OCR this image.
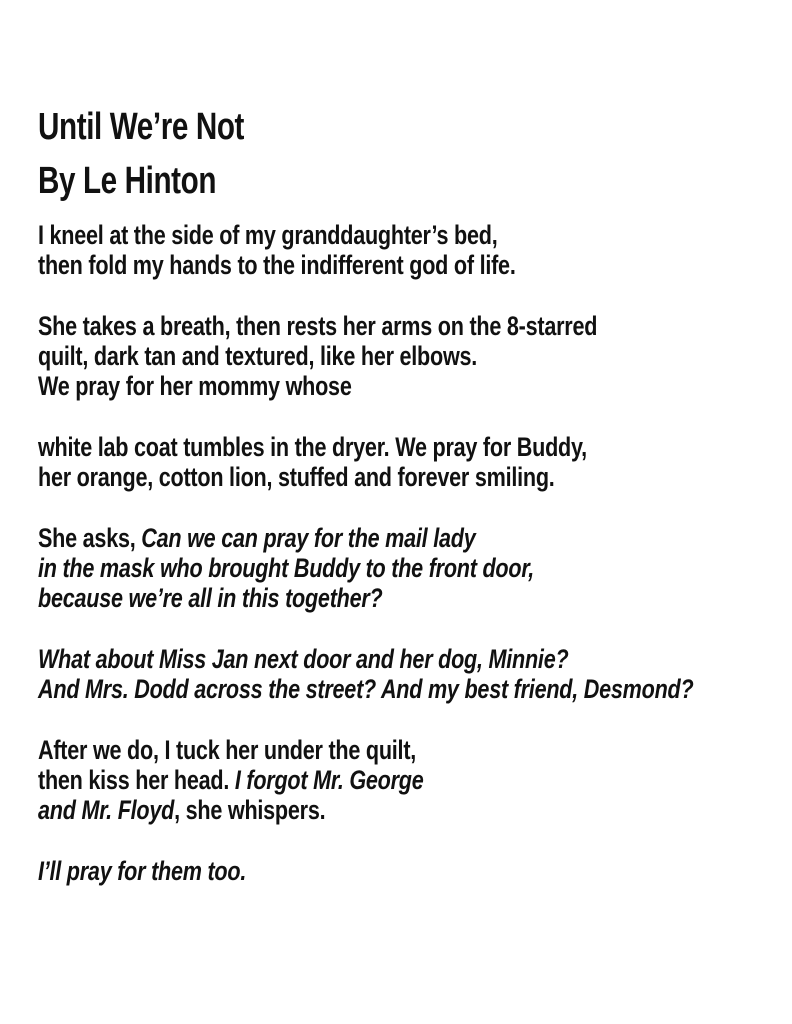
Until We’re Not
By Le Hinton
I kneel at the side of my granddaughter’s bed,
then fold my hands to the indifferent god of life.
She takes a breath, then rests her arms on the 8-starred
quilt, dark tan and textured, like her elbows.
We pray for her mommy whose
white lab coat tumbles in the dryer. We pray for Buddy,
her orange, cotton lion, stuffed and forever smiling.
She asks, Can we can pray for the mail lady
in the mask who brought Buddy to the front door,
because we’re all in this together?
What about Miss Jan next door and her dog, Minnie?
And Mrs. Dodd across the street? And my best friend, Desmond?
After we do, I tuck her under the quilt,
then kiss her head. I forgot Mr. George
and Mr. Floyd, she whispers.
I’ll pray for them too.
